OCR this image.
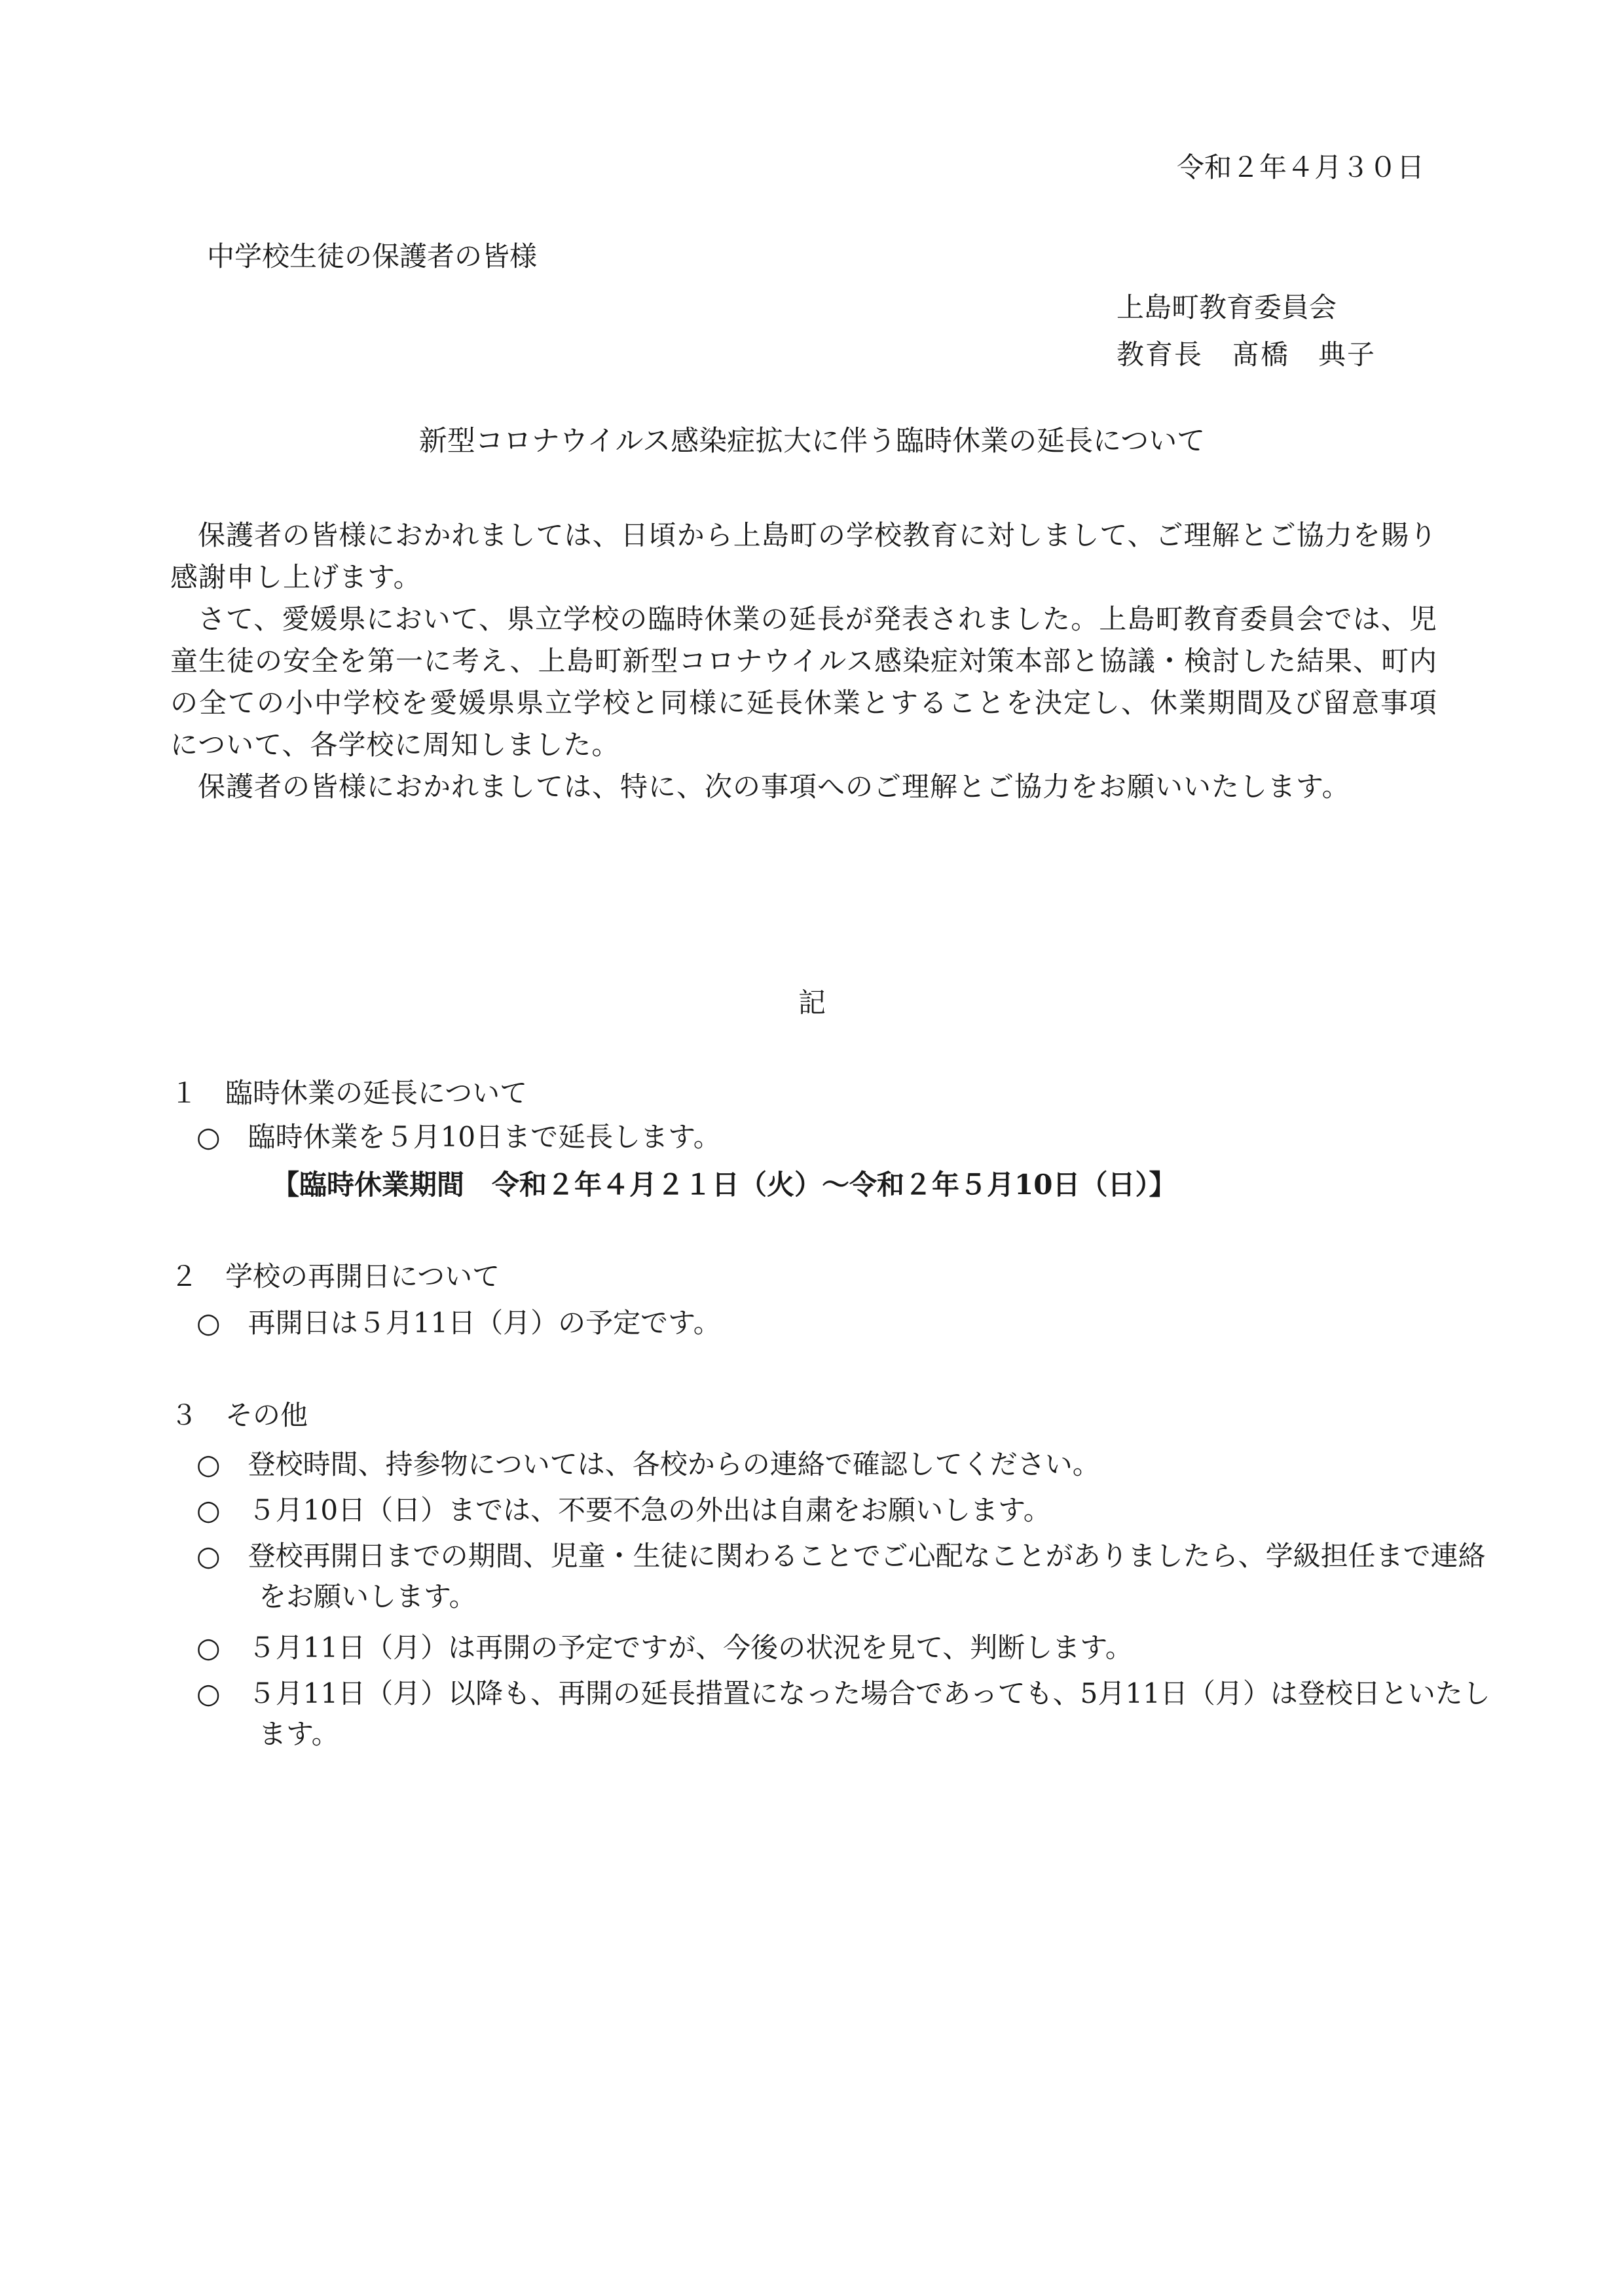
令和２年４月３０日
中学校生徒の保護者の皆様
上島町教育委員会
教育長　髙橋　典子
新型コロナウイルス感染症拡大に伴う臨時休業の延長について
保護者の皆様におかれましては、日頃から上島町の学校教育に対しまして、ご理解とご協力を賜り感謝申し上げます。
さて、愛媛県において、県立学校の臨時休業の延長が発表されました。上島町教育委員会では、児童生徒の安全を第一に考え、上島町新型コロナウイルス感染症対策本部と協議・検討した結果、町内の全ての小中学校を愛媛県県立学校と同様に延長休業とすることを決定し、休業期間及び留意事項について、各学校に周知しました。
保護者の皆様におかれましては、特に、次の事項へのご理解とご協力をお願いいたします。
記
１　臨時休業の延長について
○　臨時休業を５月10日まで延長します。
【臨時休業期間　令和２年４月２１日（火）～令和２年５月10日（日）】
２　学校の再開日について
○　再開日は５月11日（月）の予定です。
３　その他
○　登校時間、持参物については、各校からの連絡で確認してください。
○　５月10日（日）までは、不要不急の外出は自粛をお願いします。
○　登校再開日までの期間、児童・生徒に関わることでご心配なことがありましたら、学級担任まで連絡をお願いします。
○　５月11日（月）は再開の予定ですが、今後の状況を見て、判断します。
○　５月11日（月）以降も、再開の延長措置になった場合であっても、5月11日（月）は登校日といたします。
